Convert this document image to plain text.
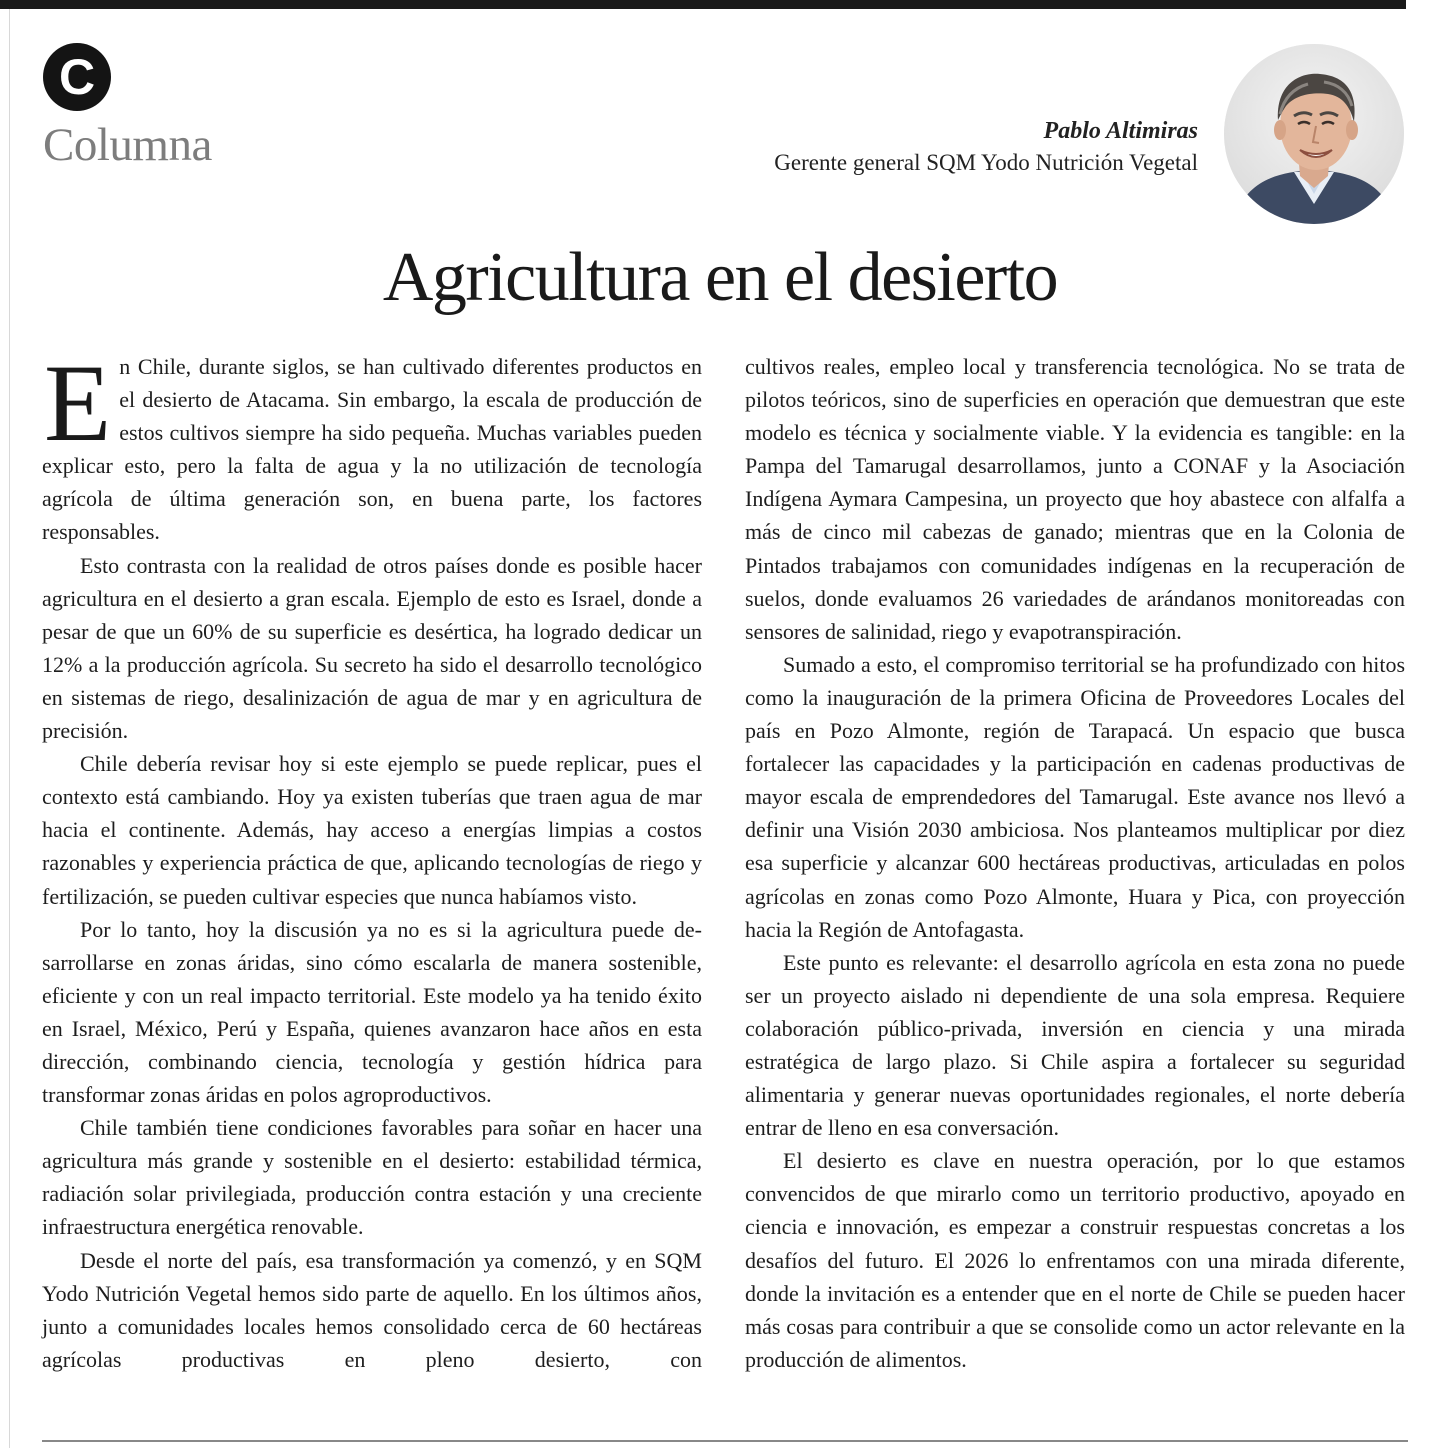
C
Columna	Pablo Altimiras
Gerente general SQM Yodo Nutrición Vegetal
Agricultura en el desierto

En Chile, durante siglos, se han cultivado diferentes productos en el desierto de Atacama. Sin embargo, la escala de producción de estos cultivos siempre ha sido pequeña. Muchas variables pueden explicar esto, pero la falta de agua y la no utilización de tecnología agrícola de última generación son, en buena parte, los factores responsables.

Esto contrasta con la realidad de otros países donde es posible hacer agricultura en el desierto a gran escala. Ejemplo de esto es Israel, donde a pesar de que un 60% de su superficie es desértica, ha logrado dedicar un 12% a la producción agrícola. Su secreto ha sido el desarrollo tecnológico en sistemas de riego, desalinización de agua de mar y en agricultura de precisión.

Chile debería revisar hoy si este ejemplo se puede replicar, pues el contexto está cambiando. Hoy ya existen tuberías que traen agua de mar hacia el continente. Además, hay acceso a energías limpias a costos razonables y experiencia práctica de que, aplicando tecnologías de riego y fertilización, se pueden cultivar especies que nunca habíamos visto.

Por lo tanto, hoy la discusión ya no es si la agricultura puede desarrollarse en zonas áridas, sino cómo escalarla de manera sostenible, eficiente y con un real impacto territorial. Este modelo ya ha tenido éxito en Israel, México, Perú y España, quienes avanzaron hace años en esta dirección, combinando ciencia, tecnología y gestión hídrica para transformar zonas áridas en polos agroproductivos.

Chile también tiene condiciones favorables para soñar en hacer una agricultura más grande y sostenible en el desierto: estabilidad térmica, radiación solar privilegiada, producción contra estación y una creciente infraestructura energética renovable.

Desde el norte del país, esa transformación ya comenzó, y en SQM Yodo Nutrición Vegetal hemos sido parte de aquello. En los últimos años, junto a comunidades locales hemos consolidado cerca de 60 hectáreas agrícolas productivas en pleno desierto, con

cultivos reales, empleo local y transferencia tecnológica. No se trata de pilotos teóricos, sino de superficies en operación que demuestran que este modelo es técnica y socialmente viable. Y la evidencia es tangible: en la Pampa del Tamarugal desarrollamos, junto a CONAF y la Asociación Indígena Aymara Campesina, un proyecto que hoy abastece con alfalfa a más de cinco mil cabezas de ganado; mientras que en la Colonia de Pintados trabajamos con comunidades indígenas en la recuperación de suelos, donde evaluamos 26 variedades de arándanos monitoreadas con sensores de salinidad, riego y evapotranspiración.

Sumado a esto, el compromiso territorial se ha profundizado con hitos como la inauguración de la primera Oficina de Proveedores Locales del país en Pozo Almonte, región de Tarapacá. Un espacio que busca fortalecer las capacidades y la participación en cadenas productivas de mayor escala de emprendedores del Tamarugal. Este avance nos llevó a definir una Visión 2030 ambiciosa. Nos planteamos multiplicar por diez esa superficie y alcanzar 600 hectáreas productivas, articuladas en polos agrícolas en zonas como Pozo Almonte, Huara y Pica, con proyección hacia la Región de Antofagasta.

Este punto es relevante: el desarrollo agrícola en esta zona no puede ser un proyecto aislado ni dependiente de una sola empresa. Requiere colaboración público-privada, inversión en ciencia y una mirada estratégica de largo plazo. Si Chile aspira a fortalecer su seguridad alimentaria y generar nuevas oportunidades regionales, el norte debería entrar de lleno en esa conversación.

El desierto es clave en nuestra operación, por lo que estamos convencidos de que mirarlo como un territorio productivo, apoyado en ciencia e innovación, es empezar a construir respuestas concretas a los desafíos del futuro. El 2026 lo enfrentamos con una mirada diferente, donde la invitación es a entender que en el norte de Chile se pueden hacer más cosas para contribuir a que se consolide como un actor relevante en la producción de alimentos.
